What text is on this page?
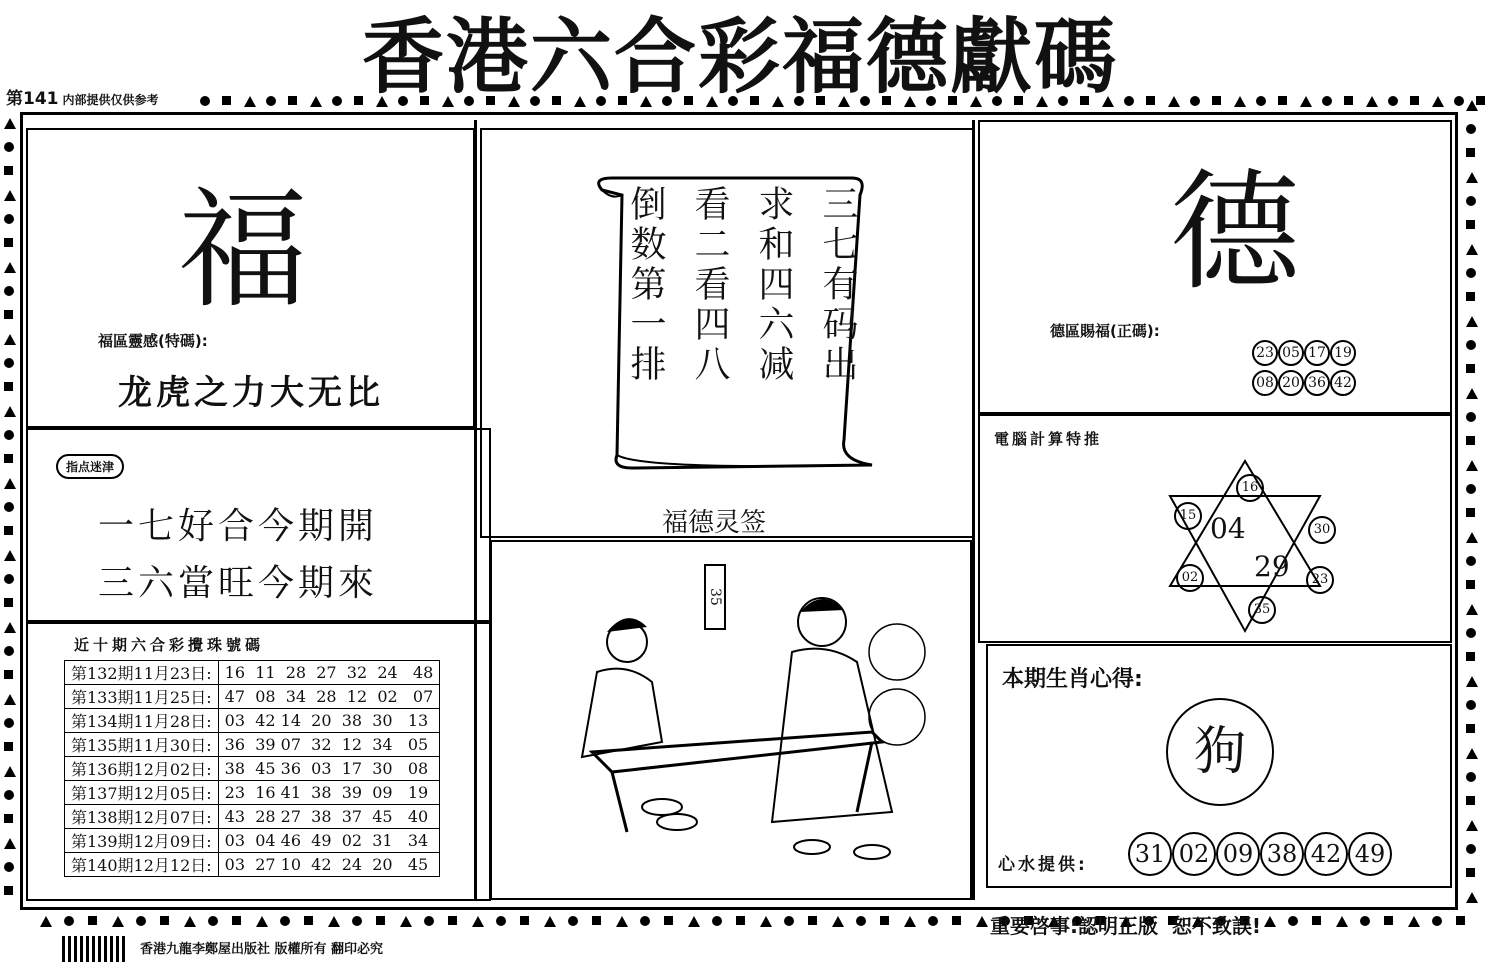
香港六合彩福德獻碼
第141 内部提供仅供参考
福
福區靈感(特碼):
龙虎之力大无比
指点迷津
一七好合今期開
三六當旺今期來
近十期六合彩攪珠號碼
第132期11月23日:	16  11  28  27  32  24   48
第133期11月25日:	47  08  34  28  12  02   07
第134期11月28日:	03  42 14  20  38  30   13
第135期11月30日:	36  39 07  32  12  34   05
第136期12月02日:	38  45 36  03  17  30   08
第137期12月05日:	23  16 41  38  39  09   19
第138期12月07日:	43  28 27  38  37  45   40
第139期12月09日:	03  04 46  49  02  31   34
第140期12月12日:	03  27 10  42  24  20   45
三七有码出
求和四六减
看二看四八
倒数第一排
福德灵签
35
德
德區賜福(正碼):
23 05 17 19
08 20 36 42
電腦計算特推
16
15
30
02	23
35
04
29
本期生肖心得:
狗
心水提供: 31 02 09 38 42 49
香港九龍李鄭屋出版社 版權所有 翻印必究
重要啓事:認明正版  恕不致誤!
